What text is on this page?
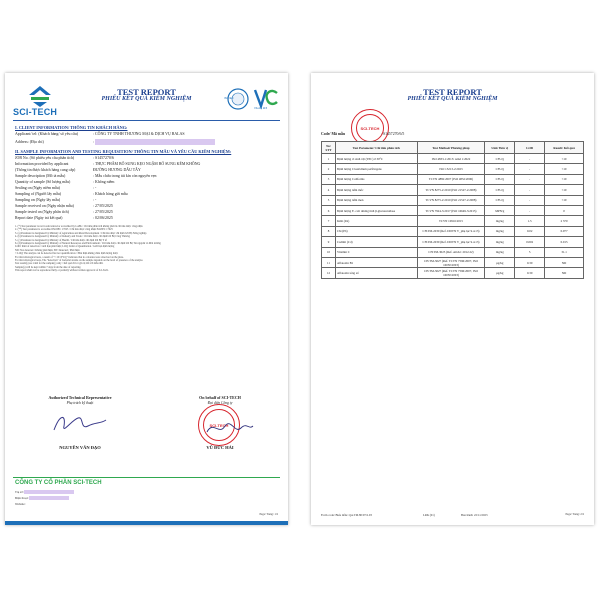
SCI-TECH
ISO·IEC
VILAS 115
TEST REPORT
PHIẾU KẾT QUẢ KIỂM NGHIỆM
I. CLIENT INFORMATION/ THÔNG TIN KHÁCH HÀNG:
Applicant/ tel: (Khách hàng/ số yêu cầu)	: CÔNG TY TNHH THƯƠNG MẠI & DỊCH VỤ BALAS
Address: (Địa chỉ)	:
II. SAMPLE INFORMATION AND TESTING REQUISITION/ THÔNG TIN MẪU VÀ YÊU CẦU KIỂM NGHIỆM:
JOB No. (Số phiếu yêu cầu phân tích)	: S1457270/6
Information provided by applicant	: THỰC PHẨM BỔ SUNG KẸO NGẬM BỔ SUNG KẼM KHÔNG
(Thông tin được khách hàng cung cấp)	ĐƯỜNG HƯƠNG DÂU TÂY
Sample description (Mô tả mẫu)	: Mẫu chứa trong túi kín còn nguyên vẹn
Quantity of sample (Số lượng mẫu)	: Không niêm
Sealing on (Ngày niêm mẫu)	: -
Sampling of (Người lấy mẫu)	: Khách hàng gửi mẫu
Sampling on (Ngày lấy mẫu)	: -
Sample received on (Ngày nhận mẫu)	: 27/05/2025
Sample tested on (Ngày phân tích)	: 27/05/2025
Report date (Ngày trả kết quả)	: 02/06/2025
1. (*) Test parameter is not in subcontractor accredited by LABs / Chỉ tiêu phân tích không phải là chỉ tiêu được công nhận
2. (**) Test parameter is accredited ISO/IEC 17025 / Chỉ tiêu được công nhận ISO/IEC 17025
3. (a) Parameter is designated by Ministry of Agriculture and Rural Development / Chỉ tiêu được chỉ định bởi Bộ Nông nghiệp
4. (b) Parameter is designated by Ministry of Industry and Trade / Chỉ tiêu được chỉ định bởi Bộ Công Thương
5. (c) Parameter is designated by Ministry of Health / Chỉ tiêu được chỉ định bởi Bộ Y tế
6. (d) Parameter is designated by Ministry of Natural Resources and Environment / Chỉ tiêu được chỉ định bởi Bộ Tài nguyên và Môi trường
LOD: limit of detection / Giới hạn phát hiện; LOQ: Limit of Quantitation / Giới hạn định lượng
ND: Not detected / Không phát hiện; ĐT: Detected / Phát hiện
< LOQ: The analyte can be detected but not quantification / Phát hiện nhưng chưa định lượng được
For microbiological tests, a result of "< 10 CFU/g" indicates that no colonies were observed on the plate.
For microbiological tests, The "detection" of bacterial strains on the sample depends on the level of presence of the analyte.
Test result(s) are valid for the sample(s) only / Kết quả chỉ có giá trị đối với mẫu thử.
Sample(s) will be kept within 7 days from the date of reporting.
This report shall not be reproduced fully or partially without written approval of Sci-Tech.
Authorized Technical Representative
Phụ trách kỹ thuật
NGUYỄN VĂN ĐẠO
On behalf of SCI-TECH
Đại diện Công ty
SCI-TECH
VŨ ĐỨC HẢI
CÔNG TY CỔ PHẦN SCI-TECH
Trụ sở:
Điện thoại:
Website:
Page/ Trang: 1/2
TEST REPORT
PHIẾU KẾT QUẢ KIỂM NGHIỆM
SCI-TECH
Code/ Mã mẫu	: S1457270/6/5
No/ STT	Test Parameter/ Chỉ tiêu phân tích	Test Method/ Phương pháp	Unit/ Đơn vị	LOD	Result/ Kết quả
1	Định lượng vi sinh vật (TPC) ở 30°C	ISO 4833-1:2013/ Amd 1:2022	CFU/g	-	<10
2	Định lượng Clostridium perfringens	ISO 15213-2:2023	CFU/g	-	<10
3	Định lượng Coliforms	TCVN 4882:2007 (ISO 4832:2006)	CFU/g	-	<10
4	Định lượng nấm mốc	TCVN 8275-2:2010 (ISO 21527-2:2008)	CFU/g	-	<10
5	Định lượng nấm men	TCVN 8275-2:2010 (ISO 21527-2:2008)	CFU/g	-	<10
6	Định lượng E. coli dương tính β-glucuronidase	TCVN 7924-3:2017 (ISO 16649-3:2015)	MPN/g	-	0
7	Kẽm (Zn)	TCVN 10916:2015	mg/kg	1.5	2 370
8	Chì (Pb)	CH.TM-2030 (Ref. DDVN V_phụ lục 9.4.13)	mg/kg	0.02	0.077
9	Cadimi (Cd)	CH.TM-2030 (Ref. DDVN V_phụ lục 9.4.13)	mg/kg	0.002	0.015
10	Vitamin C	CH.TM-3025 (Ref. AOAC 2012.22)	mg/kg	5	31.1
11	Aflatoxin B1	CH.TM-3027 (Ref. TCVN 7596:2007, ISO 16050:2003)	µg/kg	0.30	ND
12	Aflatoxin tổng số	CH.TM-3027 (Ref. TCVN 7596:2007, ISO 16050:2003)	µg/kg	0.30	ND
Form code/ Biểu mẫu: QA.TM.80/07/2.03	LRK (01)	Ban hành: 22/11/2023	Page/ Trang: 2/2
